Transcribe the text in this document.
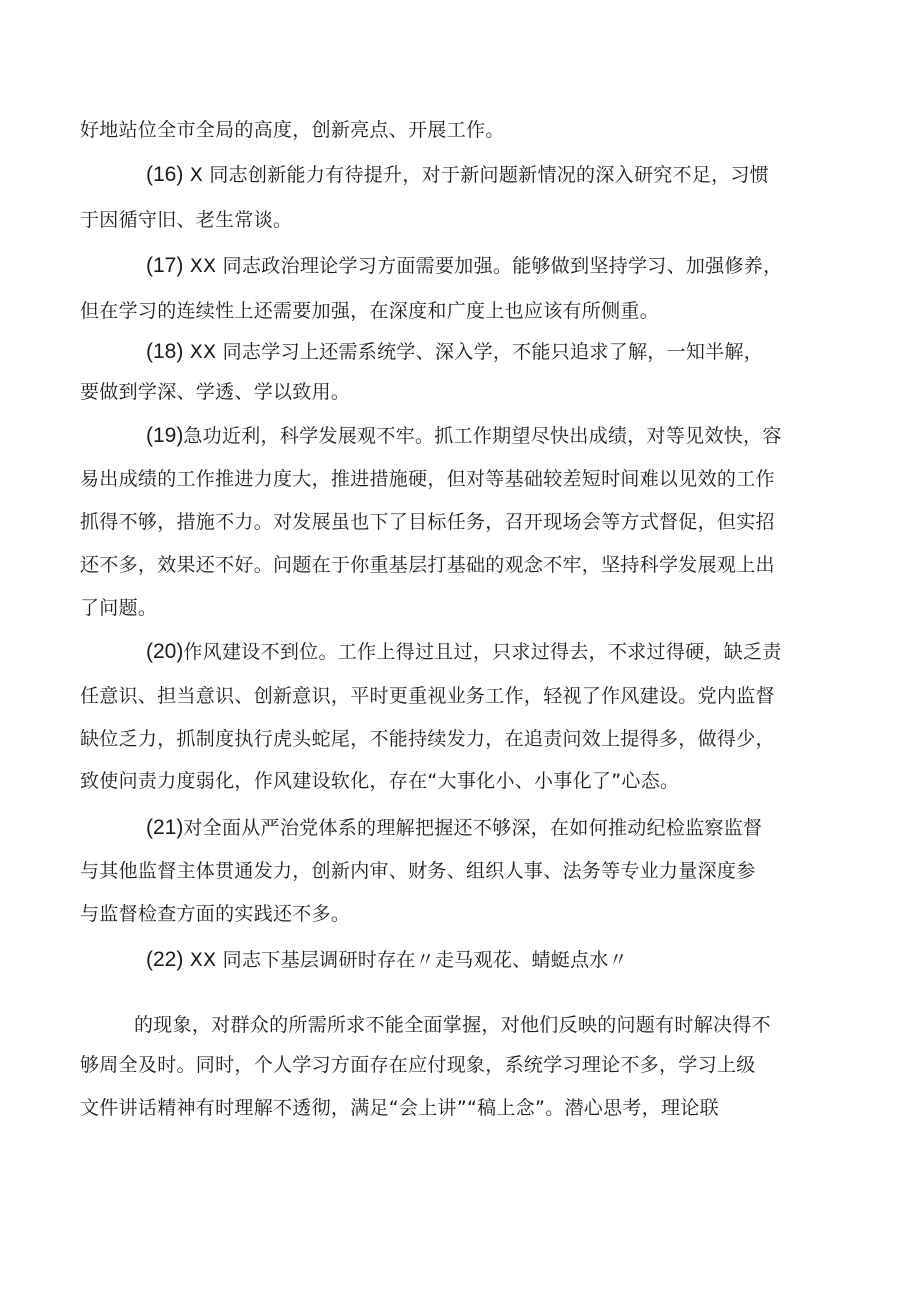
好地站位全市全局的高度，创新亮点、开展工作。
(16) X 同志创新能力有待提升，对于新问题新情况的深入研究不足，习惯
于因循守旧、老生常谈。
(17) XX 同志政治理论学习方面需要加强。能够做到坚持学习、加强修养，
但在学习的连续性上还需要加强，在深度和广度上也应该有所侧重。
(18) XX 同志学习上还需系统学、深入学，不能只追求了解，一知半解，
要做到学深、学透、学以致用。
(19)急功近利，科学发展观不牢。抓工作期望尽快出成绩，对等见效快，容
易出成绩的工作推进力度大，推进措施硬，但对等基础较差短时间难以见效的工作
抓得不够，措施不力。对发展虽也下了目标任务，召开现场会等方式督促，但实招
还不多，效果还不好。问题在于你重基层打基础的观念不牢，坚持科学发展观上出
了问题。
(20)作风建设不到位。工作上得过且过，只求过得去，不求过得硬，缺乏责
任意识、担当意识、创新意识，平时更重视业务工作，轻视了作风建设。党内监督
缺位乏力，抓制度执行虎头蛇尾，不能持续发力，在追责问效上提得多，做得少，
致使问责力度弱化，作风建设软化，存在“大事化小、小事化了”心态。
(21)对全面从严治党体系的理解把握还不够深，在如何推动纪检监察监督
与其他监督主体贯通发力，创新内审、财务、组织人事、法务等专业力量深度参
与监督检查方面的实践还不多。
(22) XX 同志下基层调研时存在〃走马观花、蜻蜓点水〃
的现象，对群众的所需所求不能全面掌握，对他们反映的问题有时解决得不
够周全及时。同时，个人学习方面存在应付现象，系统学习理论不多，学习上级
文件讲话精神有时理解不透彻，满足“会上讲”“稿上念”。潜心思考，理论联
